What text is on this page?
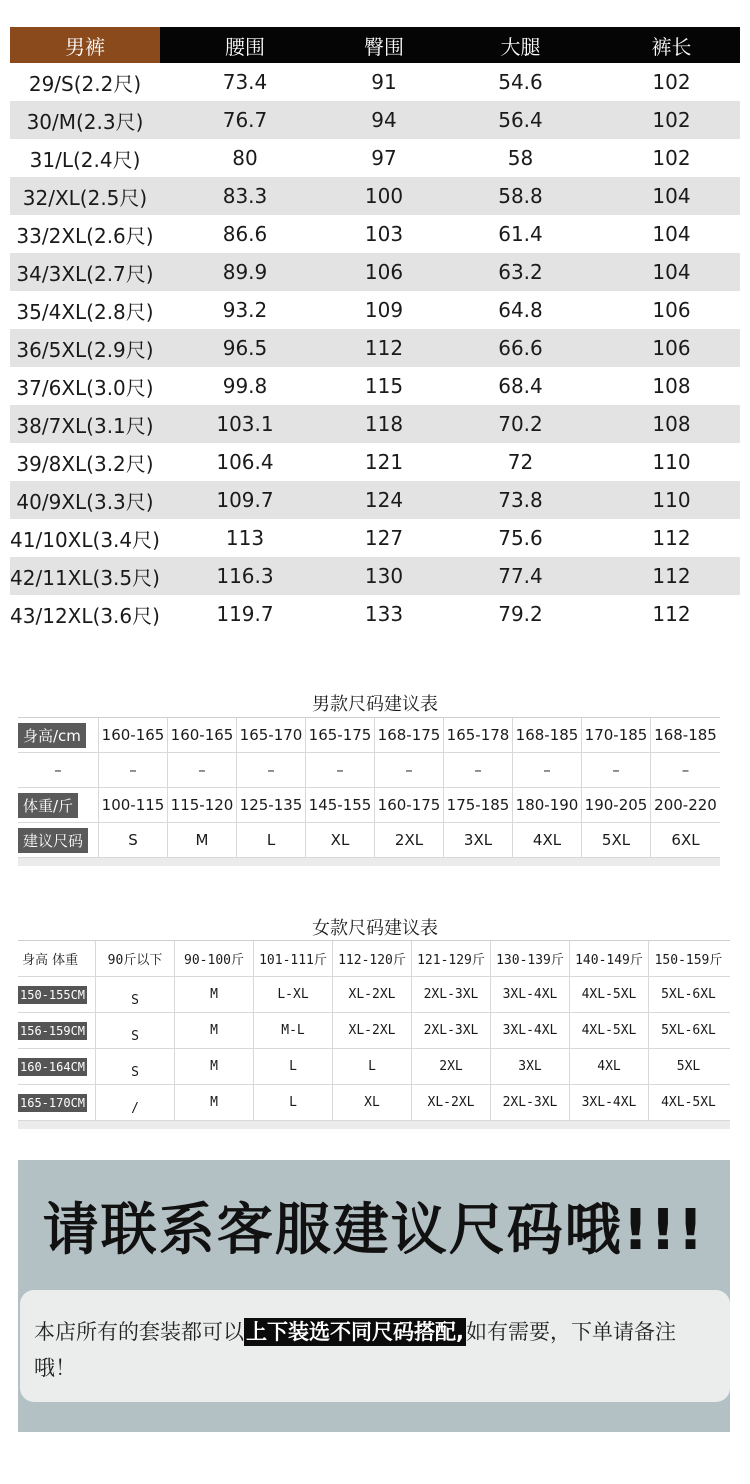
男裤	腰围	臀围	大腿	裤长
29/S(2.2尺)	73.4	91	54.6	102
30/M(2.3尺)	76.7	94	56.4	102
31/L(2.4尺)	80	97	58	102
32/XL(2.5尺)	83.3	100	58.8	104
33/2XL(2.6尺)	86.6	103	61.4	104
34/3XL(2.7尺)	89.9	106	63.2	104
35/4XL(2.8尺)	93.2	109	64.8	106
36/5XL(2.9尺)	96.5	112	66.6	106
37/6XL(3.0尺)	99.8	115	68.4	108
38/7XL(3.1尺)	103.1	118	70.2	108
39/8XL(3.2尺)	106.4	121	72	110
40/9XL(3.3尺)	109.7	124	73.8	110
41/10XL(3.4尺)	113	127	75.6	112
42/11XL(3.5尺)	116.3	130	77.4	112
43/12XL(3.6尺)	119.7	133	79.2	112
男款尺码建议表
身高/cm	160-165 160-165 165-170 165-175 168-175 165-178 168-185 170-185 168-185
–	–	–	–	–	–	–	–	–	–
体重/斤	100-115 115-120 125-135 145-155 160-175 175-185 180-190 190-205 200-220
建议尺码	S	M	L	XL	2XL	3XL	4XL	5XL	6XL
女款尺码建议表
身高 体重	90斤以下	90-100斤	101-111斤 112-120斤 121-129斤 130-139斤 140-149斤 150-159斤
150-155CM	S	M	L-XL	XL-2XL	2XL-3XL	3XL-4XL	4XL-5XL	5XL-6XL
156-159CM	S	M	M-L	XL-2XL	2XL-3XL	3XL-4XL	4XL-5XL	5XL-6XL
160-164CM	S	M	L	L	2XL	3XL	4XL	5XL
165-170CM	/	M	L	XL	XL-2XL	2XL-3XL	3XL-4XL	4XL-5XL
请联系客服建议尺码哦!!!
本店所有的套装都可以上下装选不同尺码搭配,如有需要，下单请备注哦！
